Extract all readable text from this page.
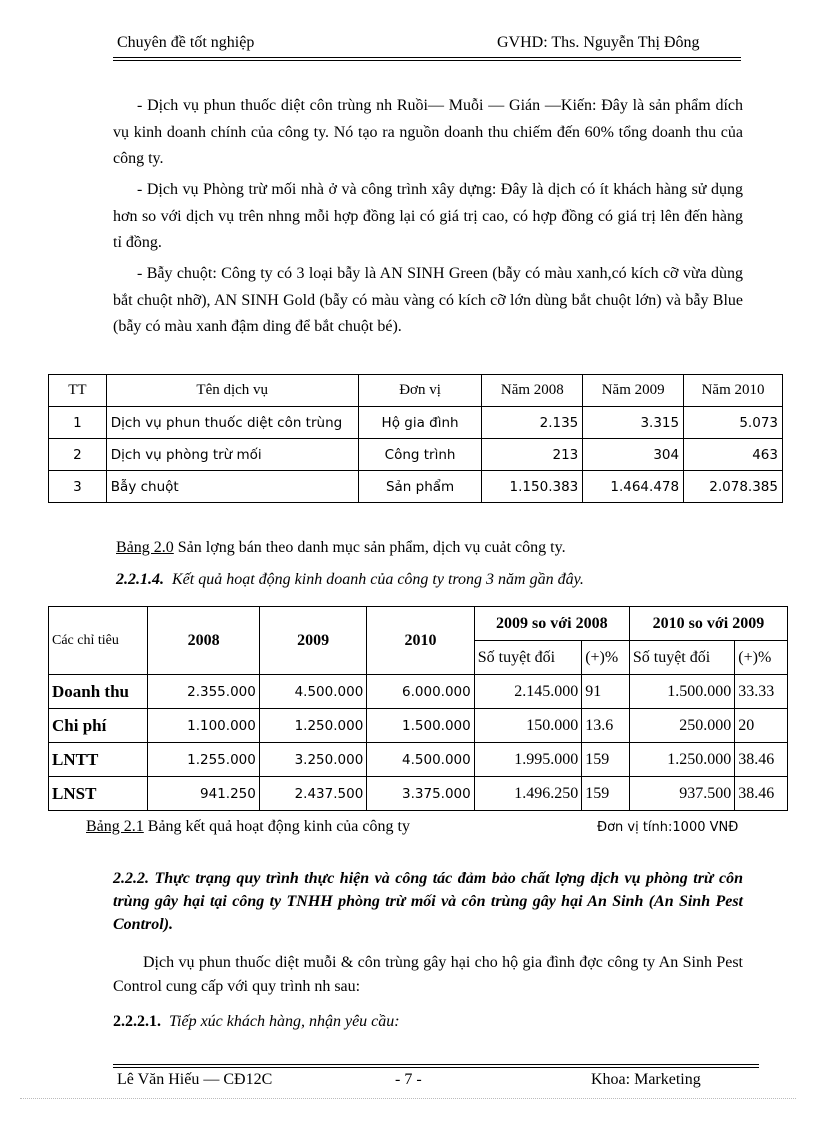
Chuyên đề tốt nghiệp	GVHD: Ths. Nguyễn Thị Đông

- Dịch vụ phun thuốc diệt côn trùng nh Ruồi— Muỗi — Gián —Kiến: Đây là sản phẩm dích vụ kinh doanh chính của công ty. Nó tạo ra nguồn doanh thu chiếm đến 60% tổng doanh thu của công ty.

- Dịch vụ Phòng trừ mối nhà ở và công trình xây dựng: Đây là dịch có ít khách hàng sử dụng hơn so với dịch vụ trên nhng mỗi hợp đồng lại có giá trị cao, có hợp đồng có giá trị lên đến hàng tỉ đồng.

- Bẫy chuột: Công ty có 3 loại bẫy là AN SINH Green (bẫy có màu xanh,có kích cỡ vừa dùng bắt chuột nhỡ), AN SINH Gold (bẫy có màu vàng có kích cỡ lớn dùng bắt chuột lớn) và bẫy Blue (bẫy có màu xanh đậm ding để bắt chuột bé).

TT	Tên dịch vụ	Đơn vị	Năm 2008	Năm 2009	Năm 2010
1	Dịch vụ phun thuốc diệt côn trùng	Hộ gia đình	2.135	3.315	5.073
2	Dịch vụ phòng trừ mối	Công trình	213	304	463
3	Bẫy chuột	Sản phẩm	1.150.383	1.464.478	2.078.385
Bảng 2.0 Sản lợng bán theo danh mục sản phẩm, dịch vụ cuảt công ty.
2.2.1.4. Kết quả hoạt động kinh doanh của công ty trong 3 năm gần đây.
Các chỉ tiêu	2008	2009	2010	2009 so với 2008		2010 so với 2009	
				Số tuyệt đối	(+)%	Số tuyệt đối	(+)%
Doanh thu	2.355.000	4.500.000	6.000.000	2.145.000	91	1.500.000	33.33
Chi phí	1.100.000	1.250.000	1.500.000	150.000	13.6	250.000	20
LNTT	1.255.000	3.250.000	4.500.000	1.995.000	159	1.250.000	38.46
LNST	941.250	2.437.500	3.375.000	1.496.250	159	937.500	38.46
Bảng 2.1 Bảng kết quả hoạt động kinh của công ty	Đơn vị tính:1000 VNĐ

2.2.2. Thực trạng quy trình thực hiện và công tác đảm bảo chất lợng dịch vụ phòng trừ côn trùng gây hại tại công ty TNHH phòng trừ mối và côn trùng gây hại An Sinh (An Sinh Pest Control).

Dịch vụ phun thuốc diệt muỗi & côn trùng gây hại cho hộ gia đình đợc công ty An Sinh Pest Control cung cấp với quy trình nh sau:

2.2.2.1. Tiếp xúc khách hàng, nhận yêu cầu:
Lê Văn Hiếu — CĐ12C	- 7 -	Khoa: Marketing
